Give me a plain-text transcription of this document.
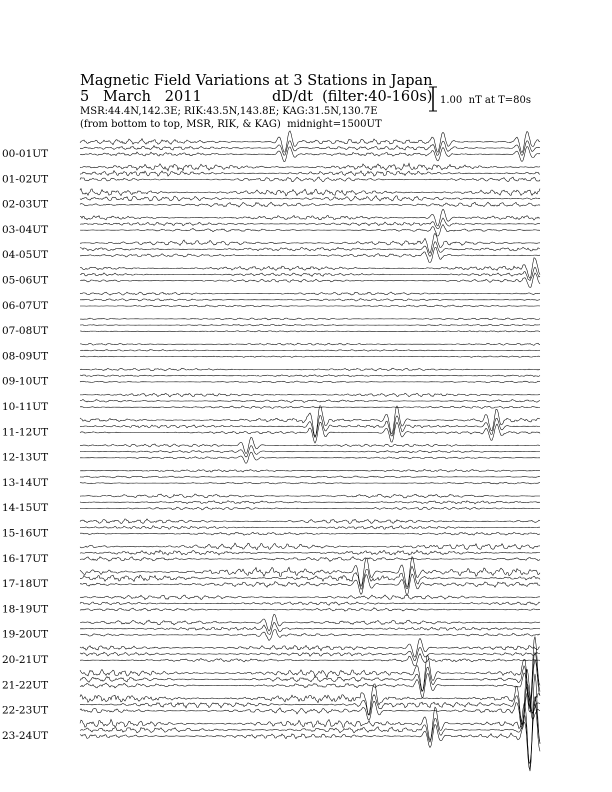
Magnetic Field Variations at 3 Stations in Japan
5   March   2011	dD/dt  (filter:40-160s)
MSR:44.4N,142.3E; RIK:43.5N,143.8E; KAG:31.5N,130.7E
(from bottom to top, MSR, RIK, & KAG)  midnight=1500UT
1.00  nT at T=80s
00-01UT
01-02UT
02-03UT
03-04UT
04-05UT
05-06UT
06-07UT
07-08UT
08-09UT
09-10UT
10-11UT
11-12UT
12-13UT
13-14UT
14-15UT
15-16UT
16-17UT
17-18UT
18-19UT
19-20UT
20-21UT
21-22UT
22-23UT
23-24UT
